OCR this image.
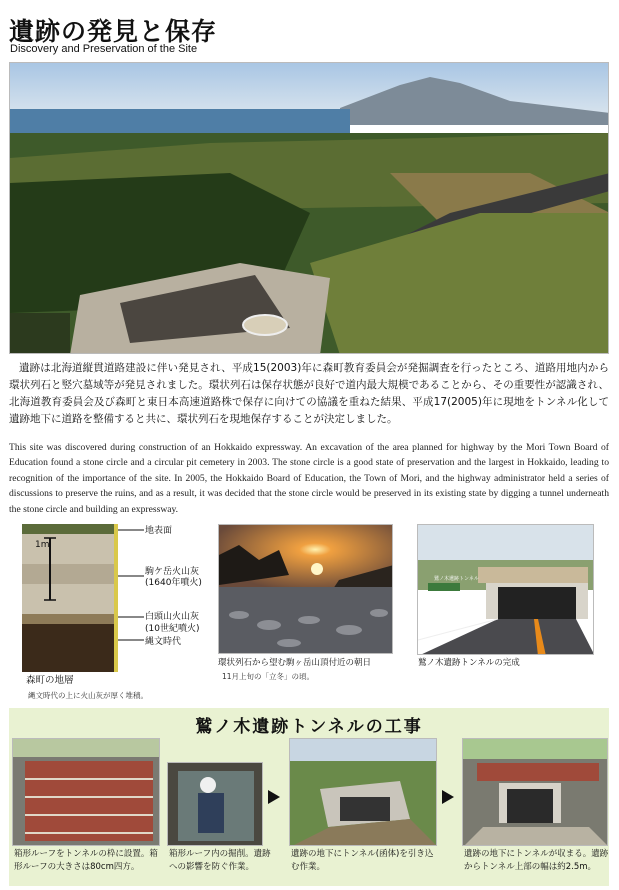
遺跡の発見と保存
Discovery and Preservation of the Site
遺跡は北海道縦貫道路建設に伴い発見され、平成15(2003)年に森町教育委員会が発掘調査を行ったところ、道路用地内から環状列石と竪穴墓域等が発見されました。環状列石は保存状態が良好で道内最大規模であることから、その重要性が認識され、北海道教育委員会及び森町と東日本高速道路株で保存に向けての協議を重ねた結果、平成17(2005)年に現地をトンネル化して遺跡地下に道路を整備すると共に、環状列石を現地保存することが決定しました。
This site was discovered during construction of an Hokkaido expressway. An excavation of the area planned for highway by the Mori Town Board of Education found a stone circle and a circular pit cemetery in 2003. The stone circle is a good state of preservation and the largest in Hokkaido, leading to recognition of the importance of the site. In 2005, the Hokkaido Board of Education, the Town of Mori, and the highway administrator held a series of discussions to preserve the ruins, and as a result, it was decided that the stone circle would be preserved in its existing state by digging a tunnel underneath the stone circle and building an expressway.
1m
地表面
駒ケ岳火山灰
(1640年噴火)
白頭山火山灰
(10世紀噴火)
縄文時代
森町の地層
縄文時代の上に火山灰が厚く堆積。
環状列石から望む駒ヶ岳山頂付近の朝日
11月上旬の「立冬」の頃。
鷲ノ木遺跡トンネル
鷲ノ木遺跡トンネルの完成
鷲ノ木遺跡トンネルの工事
箱形ルーフをトンネルの枠に設置。箱形ルーフの大きさは80cm四方。
箱形ルーフ内の掘削。遺跡への影響を防ぐ作業。
遺跡の地下にトンネル(函体)を引き込む作業。
遺跡の地下にトンネルが収まる。遺跡からトンネル上部の幅は約2.5m。
